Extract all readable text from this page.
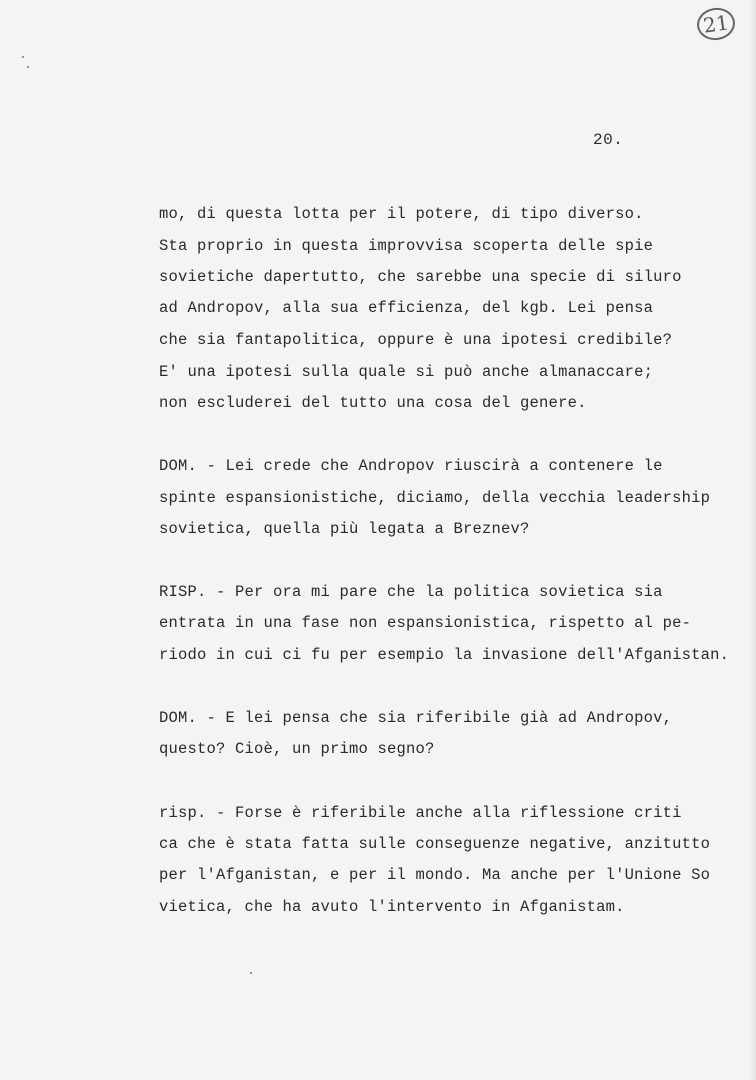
21
20.
mo, di questa lotta per il potere, di tipo diverso.
Sta proprio in questa improvvisa scoperta delle spie
sovietiche dapertutto, che sarebbe una specie di siluro
ad Andropov, alla sua efficienza, del kgb. Lei pensa
che sia fantapolitica, oppure è una ipotesi credibile?
E' una ipotesi sulla quale si può anche almanaccare;
non escluderei del tutto una cosa del genere.
DOM. - Lei crede che Andropov riuscirà a contenere le
spinte espansionistiche, diciamo, della vecchia leadership
sovietica, quella più legata a Breznev?
RISP. - Per ora mi pare che la politica sovietica sia
entrata in una fase non espansionistica, rispetto al pe-
riodo in cui ci fu per esempio la invasione dell'Afganistan.
DOM. - E lei pensa che sia riferibile già ad Andropov,
questo? Cioè, un primo segno?
risp. - Forse è riferibile anche alla riflessione criti
ca che è stata fatta sulle conseguenze negative, anzitutto
per l'Afganistan, e per il mondo. Ma anche per l'Unione So
vietica, che ha avuto l'intervento in Afganistam.
